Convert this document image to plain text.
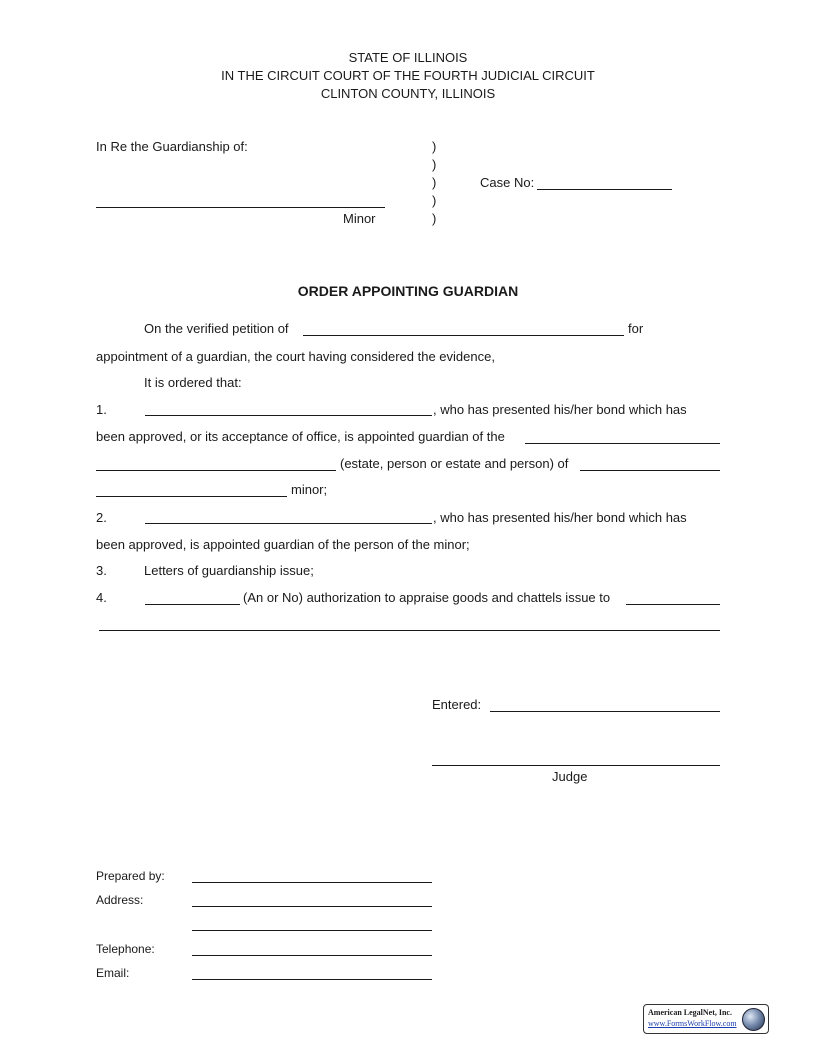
STATE OF ILLINOIS
IN THE CIRCUIT COURT OF THE FOURTH JUDICIAL CIRCUIT
CLINTON COUNTY, ILLINOIS
In Re the Guardianship of:
Minor
)
)
)
)
)
Case No:
ORDER APPOINTING GUARDIAN
On the verified petition of	for
appointment of a guardian, the court having considered the evidence,
It is ordered that:
1.	, who has presented his/her bond which has
been approved, or its acceptance of office, is appointed guardian of the
(estate, person or estate and person) of
minor;
2.	, who has presented his/her bond which has
been approved, is appointed guardian of the person of the minor;
3.	Letters of guardianship issue;
4.	(An or No) authorization to appraise goods and chattels issue to
Entered:
Judge
Prepared by:
Address:
Telephone:
Email:
American LegalNet, Inc.
www.FormsWorkFlow.com
